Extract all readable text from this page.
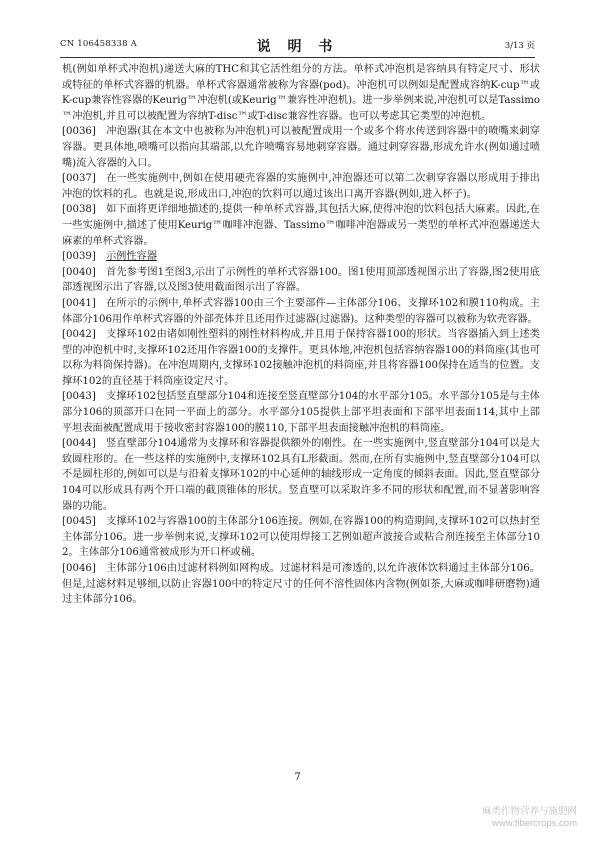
CN 106458338 A	说 明 书	3/13 页

机(例如单杯式冲泡机)递送大麻的THC和其它活性组分的方法。单杯式冲泡机是容纳具有特定尺寸、形状或特征的单杯式容器的机器。单杯式容器通常被称为容器(pod)。冲泡机可以例如是配置成容纳K-cup™或K-cup兼容性容器的Keurig™冲泡机(或Keurig™兼容性冲泡机)。进一步举例来说,冲泡机可以是Tassimo™冲泡机,并且可以被配置为容纳T-disc™或T-disc兼容性容器。也可以考虑其它类型的冲泡机。

[0036] 冲泡器(其在本文中也被称为冲泡机)可以被配置成用一个或多个将水传送到容器中的喷嘴来刺穿容器。更具体地,喷嘴可以指向其端部,以允许喷嘴容易地刺穿容器。通过刺穿容器,形成允许水(例如通过喷嘴)流入容器的入口。

[0037] 在一些实施例中,例如在使用硬壳容器的实施例中,冲泡器还可以第二次刺穿容器以形成用于排出冲泡的饮料的孔。也就是说,形成出口,冲泡的饮料可以通过该出口离开容器(例如,进入杯子)。

[0038] 如下面将更详细地描述的,提供一种单杯式容器,其包括大麻,使得冲泡的饮料包括大麻素。因此,在一些实施例中,描述了使用Keurig™咖啡冲泡器、Tassimo™咖啡冲泡器或另一类型的单杯式冲泡器递送大麻素的单杯式容器。

[0039] 示例性容器

[0040] 首先参考图1至图3,示出了示例性的单杯式容器100。图1使用顶部透视图示出了容器,图2使用底部透视图示出了容器,以及图3使用截面图示出了容器。

[0041] 在所示的示例中,单杯式容器100由三个主要部件—主体部分106、支撑环102和膜110构成。主体部分106用作单杯式容器的外部壳体并且还用作过滤器(过滤器)。这种类型的容器可以被称为软壳容器。

[0042] 支撑环102由诸如刚性塑料的刚性材料构成,并且用于保持容器100的形状。当容器插入到上述类型的冲泡机中时,支撑环102还用作容器100的支撑件。更具体地,冲泡机包括容纳容器100的料筒座(其也可以称为料筒保持器)。在冲泡周期内,支撑环102接触冲泡机的料筒座,并且将容器100保持在适当的位置。支撑环102的直径基于料筒座设定尺寸。

[0043] 支撑环102包括竖直壁部分104和连接至竖直壁部分104的水平部分105。水平部分105是与主体部分106的顶部开口在同一平面上的部分。水平部分105提供上部平坦表面和下部平坦表面114,其中上部平坦表面被配置成用于接收密封容器100的膜110,下部平坦表面接触冲泡机的料筒座。

[0044] 竖直壁部分104通常为支撑环和容器提供额外的刚性。在一些实施例中,竖直壁部分104可以是大致圆柱形的。在一些这样的实施例中,支撑环102具有L形截面。然而,在所有实施例中,竖直壁部分104可以不是圆柱形的,例如可以是与沿着支撑环102的中心延伸的轴线形成一定角度的倾斜表面。因此,竖直壁部分104可以形成具有两个开口端的截顶锥体的形状。竖直壁可以采取许多不同的形状和配置,而不显著影响容器的功能。

[0045] 支撑环102与容器100的主体部分106连接。例如,在容器100的构造期间,支撑环102可以热封至主体部分106。进一步举例来说,支撑环102可以使用焊接工艺例如超声波接合或粘合剂连接至主体部分102。主体部分106通常被成形为开口杯或桶。

[0046] 主体部分106由过滤材料例如网构成。过滤材料是可渗透的,以允许液体饮料通过主体部分106。但是,过滤材料足够细,以防止容器100中的特定尺寸的任何不溶性固体内含物(例如茶,大麻或咖啡研磨物)通过主体部分106。

7
麻类作物营养与施肥网
www.fibercrops.com
